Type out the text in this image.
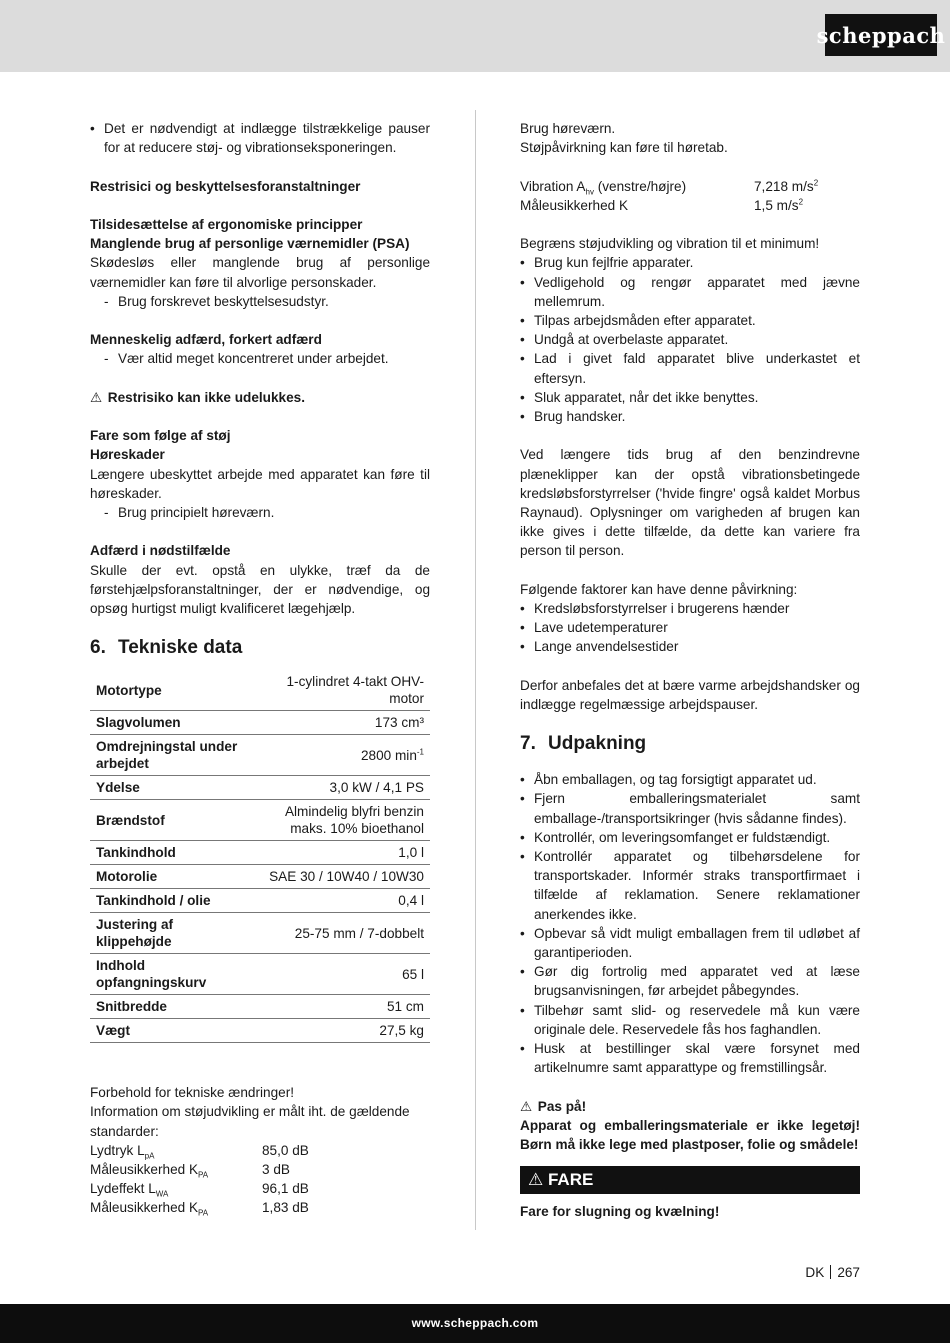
scheppach
• Det er nødvendigt at indlægge tilstrækkelige pauser for at reducere støj- og vibrationseksponeringen.

Restrisici og beskyttelsesforanstaltninger

Tilsidesættelse af ergonomiske principper

Manglende brug af personlige værnemidler (PSA)

Skødesløs eller manglende brug af personlige værnemidler kan føre til alvorlige personskader.

- Brug forskrevet beskyttelsesudstyr.

Menneskelig adfærd, forkert adfærd

- Vær altid meget koncentreret under arbejdet.

⚠ Restrisiko kan ikke udelukkes.

Fare som følge af støj

Høreskader

Længere ubeskyttet arbejde med apparatet kan føre til høreskader.

- Brug principielt høreværn.

Adfærd i nødstilfælde

Skulle der evt. opstå en ulykke, træf da de førstehjælpsforanstaltninger, der er nødvendige, og opsøg hurtigst muligt kvalificeret lægehjælp.

6. Tekniske data
Motortype	1-cylindret 4-takt OHV-motor
Slagvolumen	173 cm³
Omdrejningstal under arbejdet	2800 $\min^{-1}$
Ydelse	3,0 kW / 4,1 PS
Brændstof	Almindelig blyfri benzin maks. 10% bioethanol
Tankindhold	1,0 l
Motorolie	SAE 30 / 10W40 / 10W30
Tankindhold / olie	0,4 l
Justering af klippehøjde	25-75 mm / 7-dobbelt
Indhold opfangningskurv	65 l
Snitbredde	51 cm
Vægt	27,5 kg

Forbehold for tekniske ændringer!

Information om støjudvikling er målt iht. de gældende standarder:

Lydtryk $L_{pA}$	85,0 dB
Måleusikkerhed $K_{PA}$	3 dB
Lydeffekt $L_{WA}$	96,1 dB
Måleusikkerhed $K_{PA}$	1,83 dB

Brug høreværn.

Støjpåvirkning kan føre til høretab.

Vibration $A_{hv}$ (venstre/højre)	7,218 $m/s^2$
Måleusikkerhed K	1,5 $m/s^2$

Begræns støjudvikling og vibration til et minimum!

• Brug kun fejlfrie apparater.
• Vedligehold og rengør apparatet med jævne mellemrum.
• Tilpas arbejdsmåden efter apparatet.
• Undgå at overbelaste apparatet.
• Lad i givet fald apparatet blive underkastet et eftersyn.
• Sluk apparatet, når det ikke benyttes.
• Brug handsker.

Ved længere tids brug af den benzindrevne plæneklipper kan der opstå vibrationsbetingede kredsløbsforstyrrelser ('hvide fingre' også kaldet Morbus Raynaud). Oplysninger om varigheden af brugen kan ikke gives i dette tilfælde, da dette kan variere fra person til person.

Følgende faktorer kan have denne påvirkning:

• Kredsløbsforstyrrelser i brugerens hænder
• Lave udetemperaturer
• Lange anvendelsestider

Derfor anbefales det at bære varme arbejdshandsker og indlægge regelmæssige arbejdspauser.

7. Udpakning
• Åbn emballagen, og tag forsigtigt apparatet ud.
• Fjern emballeringsmaterialet samt emballage-/transportsikringer (hvis sådanne findes).
• Kontrollér, om leveringsomfanget er fuldstændigt.
• Kontrollér apparatet og tilbehørsdelene for transportskader. Informér straks transportfirmaet i tilfælde af reklamation. Senere reklamationer anerkendes ikke.
• Opbevar så vidt muligt emballagen frem til udløbet af garantiperioden.
• Gør dig fortrolig med apparatet ved at læse brugsanvisningen, før arbejdet påbegyndes.
• Tilbehør samt slid- og reservedele må kun være originale dele. Reservedele fås hos faghandlen.
• Husk at bestillinger skal være forsynet med artikelnumre samt apparattype og fremstillingsår.

⚠ Pas på!

Apparat og emballeringsmateriale er ikke legetøj! Børn må ikke lege med plastposer, folie og smådele!

⚠ FARE

Fare for slugning og kvælning!

DK 267
www.scheppach.com
